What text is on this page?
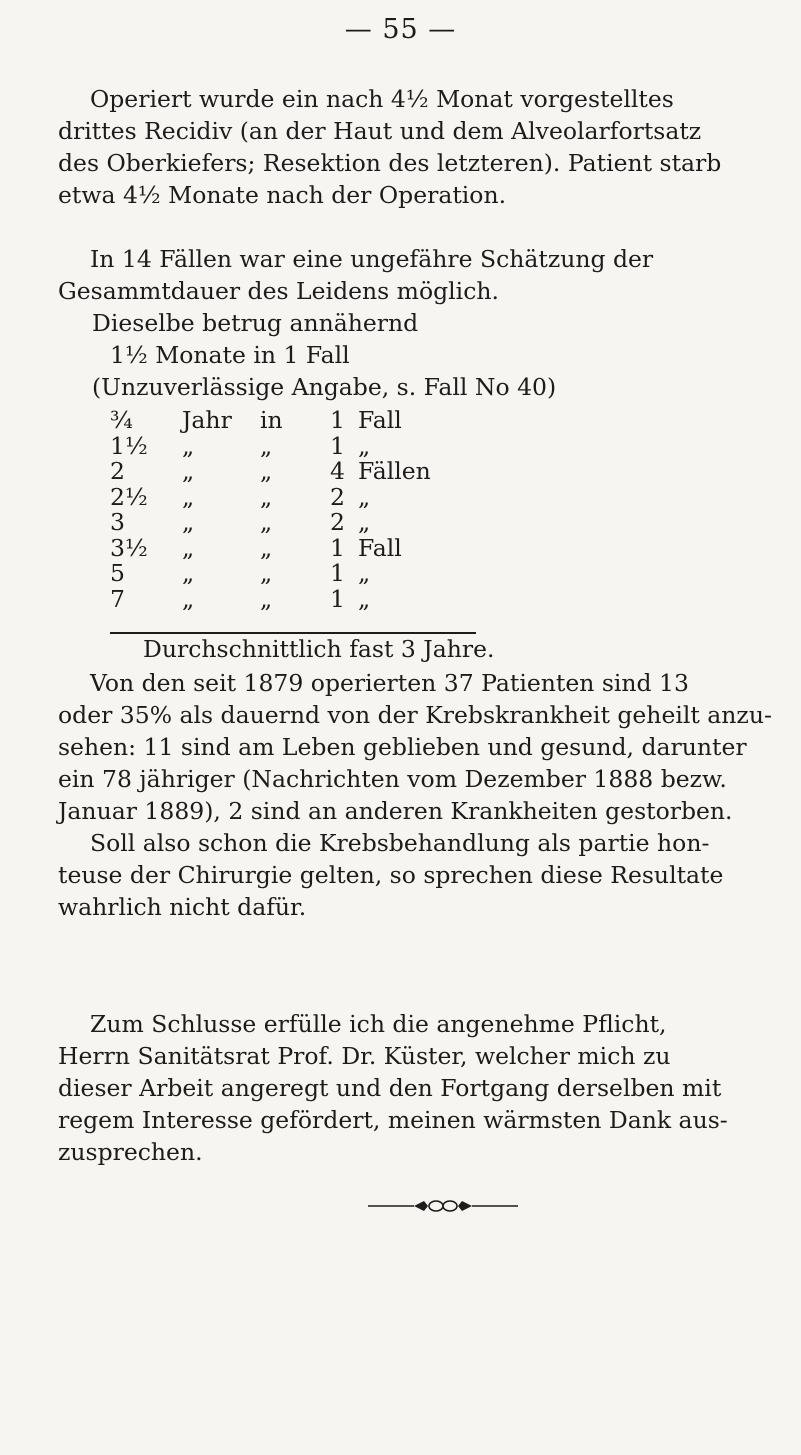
— 55 —

Operiert wurde ein nach 4½ Monat vorgestelltes
drittes Recidiv (an der Haut und dem Alveolarfortsatz
des Oberkiefers; Resektion des letzteren). Patient starb
etwa 4½ Monate nach der Operation.

In 14 Fällen war eine ungefähre Schätzung der
Gesammtdauer des Leidens möglich.

Dieselbe betrug annähernd
1½ Monate in 1 Fall
(Unzuverlässige Angabe, s. Fall No 40)
¾ Jahr in 1 Fall
1½ „	„ 1 „
2 „	„ 4 Fällen
2½ „	„ 2 „
3 „	„ 2 „
3½ „	„ 1 Fall
5 „	„ 1 „
7 „	„ 1 „
Durchschnittlich fast 3 Jahre.

Von den seit 1879 operierten 37 Patienten sind 13
oder 35% als dauernd von der Krebskrankheit geheilt anzu-
sehen: 11 sind am Leben geblieben und gesund, darunter
ein 78 jähriger (Nachrichten vom Dezember 1888 bezw.
Januar 1889), 2 sind an anderen Krankheiten gestorben.
Soll also schon die Krebsbehandlung als partie hon-
teuse der Chirurgie gelten, so sprechen diese Resultate
wahrlich nicht dafür.

Zum Schlusse erfülle ich die angenehme Pflicht,
Herrn Sanitätsrat Prof. Dr. Küster, welcher mich zu
dieser Arbeit angeregt und den Fortgang derselben mit
regem Interesse gefördert, meinen wärmsten Dank aus-
zusprechen.
